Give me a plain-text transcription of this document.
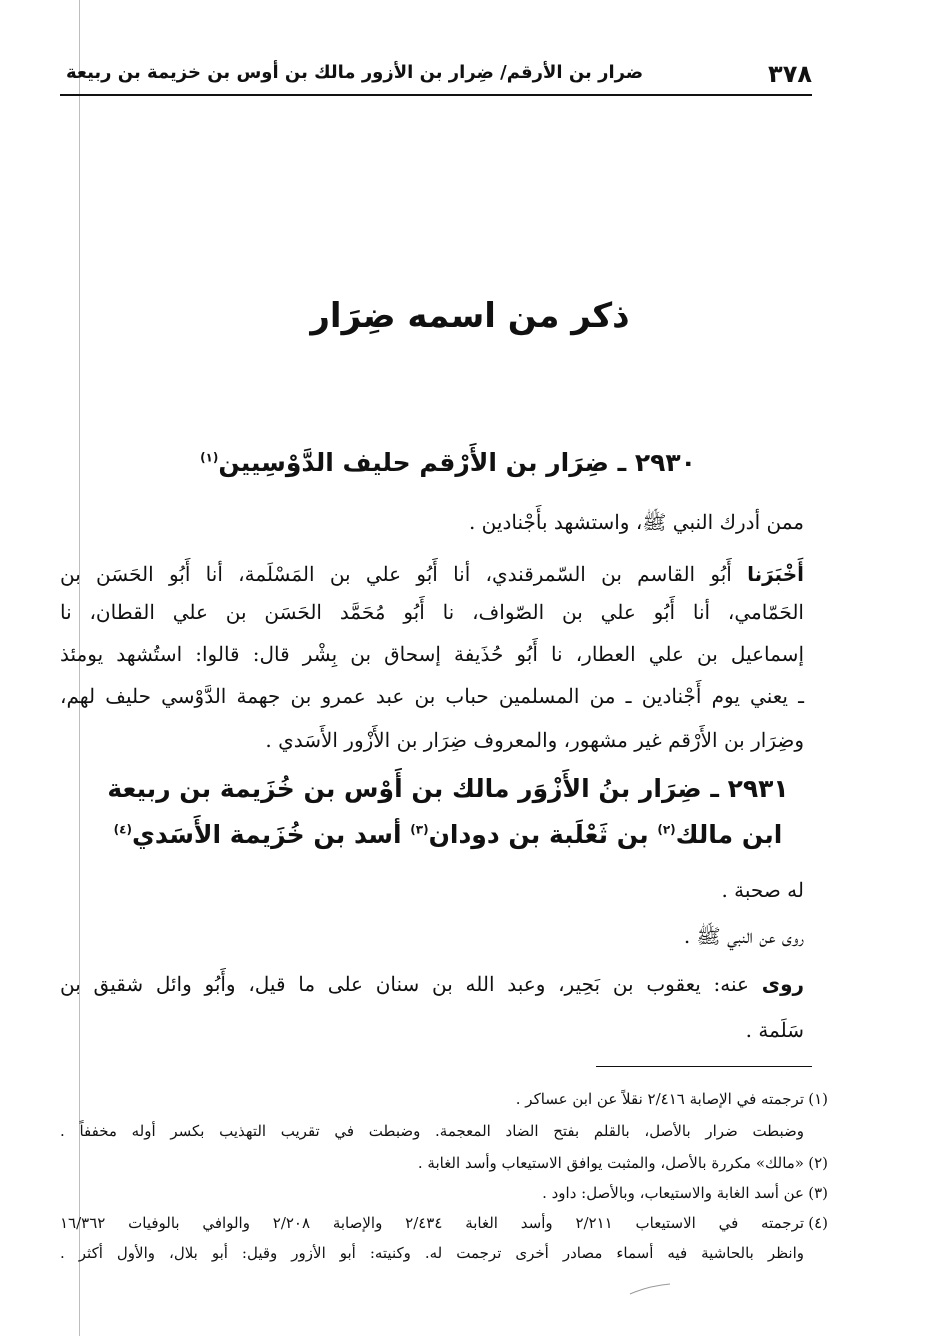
٣٧٨
ضرار بن الأرقم/ ضِرار بن الأزور مالك بن أوس بن خزيمة بن ربيعة
ذكر من اسمه ضِرَار
٢٩٣٠ ـ ضِرَار بن الأَرْقم حليف الدَّوْسِيين$^{(١)}$
ممن أدرك النبي ﷺ، واستشهد بأَجْنادين .
أَخْبَرَنا أَبُو القاسم بن السّمرقندي، أنا أَبُو علي بن المَسْلَمة، أنا أَبُو الحَسَن بن
الحَمّامي، أنا أَبُو علي بن الصّواف، نا أَبُو مُحَمَّد الحَسَن بن علي القطان، نا
إسماعيل بن علي العطار، نا أَبُو حُذَيفة إسحاق بن بِشْر قال: قالوا: استُشهد يومئذ
ـ يعني يوم أَجْنادين ـ من المسلمين حباب بن عبد عمرو بن جهمة الدَّوْسي حليف لهم،
وضِرَار بن الأَرْقم غير مشهور، والمعروف ضِرَار بن الأَزْور الأَسَدي .
٢٩٣١ ـ ضِرَار بنُ الأَزْوَر مالك بن أَوْس بن خُزَيمة بن ربيعة
ابن مالك$^{(٢)}$ بن ثَعْلَبة بن دودان$^{(٣)}$ أسد بن خُزَيمة الأَسَدي$^{(٤)}$
له صحبة .
روى عن النبي ﷺ .
روى عنه: يعقوب بن بَحِير، وعبد الله بن سنان على ما قيل، وأَبُو وائل شقيق بن
سَلَمة .
(١)
ترجمته في الإصابة ٢/٤١٦ نقلاً عن ابن عساكر .
وضبطت ضرار بالأصل، بالقلم بفتح الضاد المعجمة. وضبطت في تقريب التهذيب بكسر أوله مخففاً .
(٢)
«مالك» مكررة بالأصل، والمثبت يوافق الاستيعاب وأسد الغابة .
(٣)
عن أسد الغابة والاستيعاب، وبالأصل: داود .
(٤)
ترجمته في الاستيعاب ٢/٢١١ وأسد الغابة ٢/٤٣٤ والإصابة ٢/٢٠٨ والوافي بالوفيات ١٦/٣٦٢
وانظر بالحاشية فيه أسماء مصادر أخرى ترجمت له. وكنيته: أبو الأزور وقيل: أبو بلال، والأول أكثر .
